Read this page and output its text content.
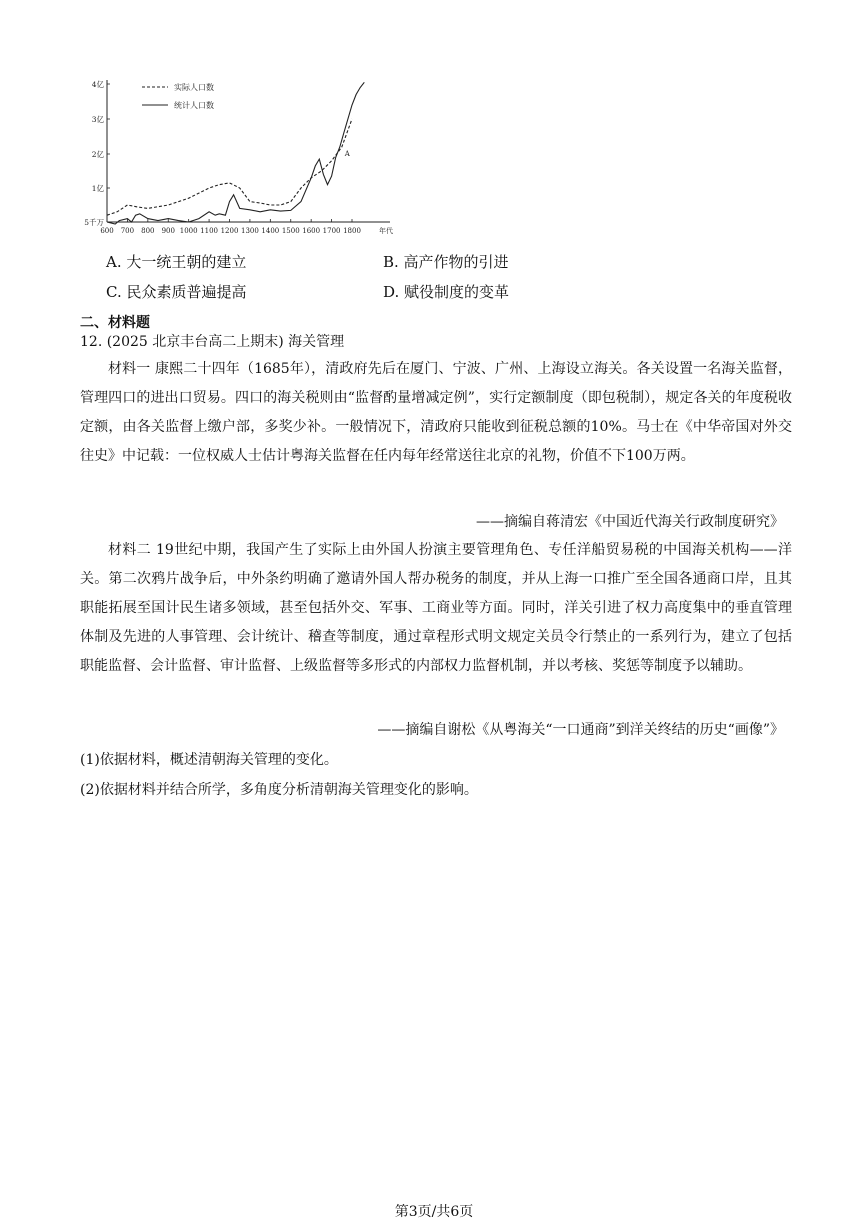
600 700 800 900 1000 1100 1200 1300 1400 1500 1600 1700 1800	年代
5千万
1亿
2亿
3亿
4亿	实际人口数
统计人口数
A
A. 大一统王朝的建立	B. 高产作物的引进
C. 民众素质普遍提高	D. 赋役制度的变革
二、材料题
12. (2025 北京丰台高二上期末) 海关管理
材料一 康熙二十四年（1685年），清政府先后在厦门、宁波、广州、上海设立海关。各关设置一名海关监督，管理四口的进出口贸易。四口的海关税则由“监督酌量增减定例”，实行定额制度（即包税制），规定各关的年度税收定额，由各关监督上缴户部，多奖少补。一般情况下，清政府只能收到征税总额的10%。马士在《中华帝国对外交往史》中记载：一位权威人士估计粤海关监督在任内每年经常送往北京的礼物，价值不下100万两。
——摘编自蒋清宏《中国近代海关行政制度研究》
材料二 19世纪中期，我国产生了实际上由外国人扮演主要管理角色、专任洋船贸易税的中国海关机构——洋关。第二次鸦片战争后，中外条约明确了邀请外国人帮办税务的制度，并从上海一口推广至全国各通商口岸，且其职能拓展至国计民生诸多领域，甚至包括外交、军事、工商业等方面。同时，洋关引进了权力高度集中的垂直管理体制及先进的人事管理、会计统计、稽查等制度，通过章程形式明文规定关员令行禁止的一系列行为，建立了包括职能监督、会计监督、审计监督、上级监督等多形式的内部权力监督机制，并以考核、奖惩等制度予以辅助。
——摘编自谢松《从粤海关“一口通商”到洋关终结的历史“画像”》
(1)依据材料，概述清朝海关管理的变化。
(2)依据材料并结合所学，多角度分析清朝海关管理变化的影响。
第3页/共6页
